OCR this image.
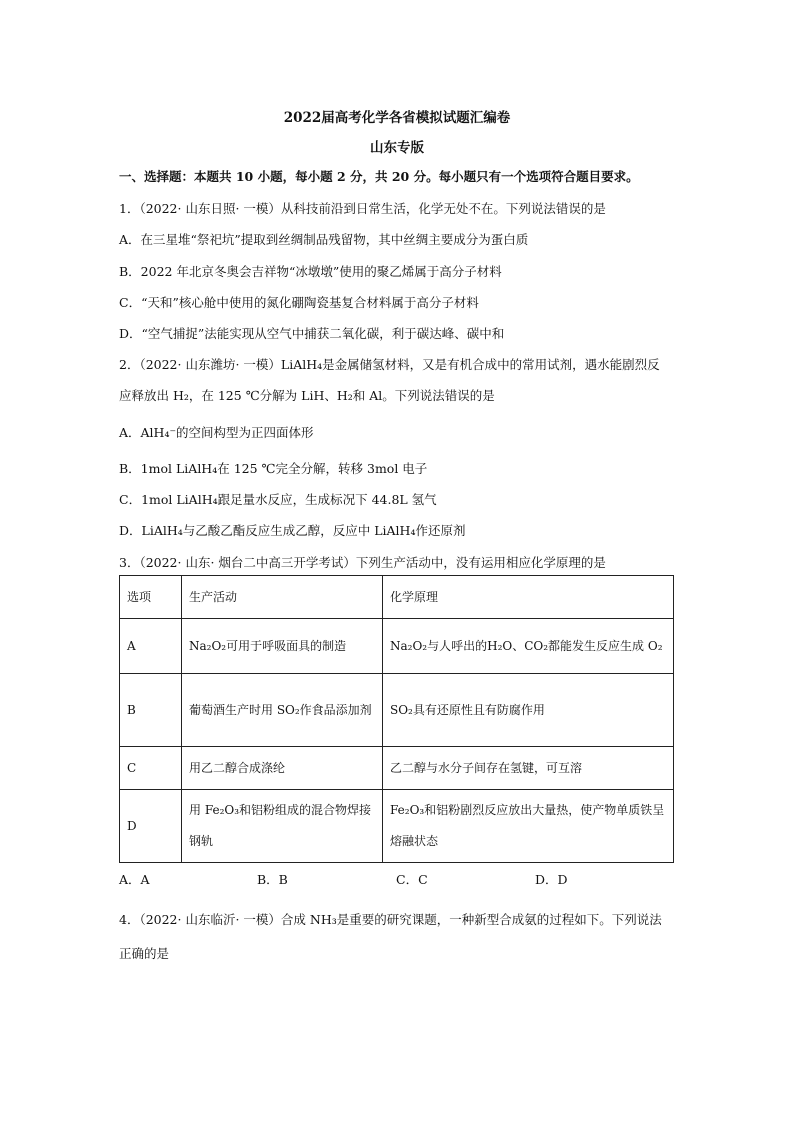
2022届高考化学各省模拟试题汇编卷
山东专版
一、选择题：本题共 10 小题，每小题 2 分，共 20 分。每小题只有一个选项符合题目要求。
1．（2022· 山东日照· 一模）从科技前沿到日常生活，化学无处不在。下列说法错误的是
A．在三星堆“祭祀坑”提取到丝绸制品残留物，其中丝绸主要成分为蛋白质
B．2022 年北京冬奥会吉祥物“冰墩墩”使用的聚乙烯属于高分子材料
C．“天和”核心舱中使用的氮化硼陶瓷基复合材料属于高分子材料
D．“空气捕捉”法能实现从空气中捕获二氧化碳，利于碳达峰、碳中和
2．（2022· 山东潍坊· 一模）LiAlH₄是金属储氢材料，又是有机合成中的常用试剂，遇水能剧烈反
应释放出 H₂，在 125 ℃分解为 LiH、H₂和 Al。下列说法错误的是
A．AlH₄⁻的空间构型为正四面体形
B．1mol LiAlH₄在 125 ℃完全分解，转移 3mol 电子
C．1mol LiAlH₄跟足量水反应，生成标况下 44.8L 氢气
D．LiAlH₄与乙酸乙酯反应生成乙醇，反应中 LiAlH₄作还原剂
3．（2022· 山东· 烟台二中高三开学考试）下列生产活动中，没有运用相应化学原理的是
选项	生产活动	化学原理
A	Na₂O₂可用于呼吸面具的制造	Na₂O₂与人呼出的H₂O、CO₂都能发生反应生成 O₂
B	葡萄酒生产时用 SO₂作食品添加剂	SO₂具有还原性且有防腐作用
C	用乙二醇合成涤纶	乙二醇与水分子间存在氢键，可互溶
D	用 Fe₂O₃和铝粉组成的混合物焊接钢轨	Fe₂O₃和铝粉剧烈反应放出大量热，使产物单质铁呈熔融状态
A．A	B．B	C．C	D．D
4．（2022· 山东临沂· 一模）合成 NH₃是重要的研究课题，一种新型合成氨的过程如下。下列说法
正确的是
